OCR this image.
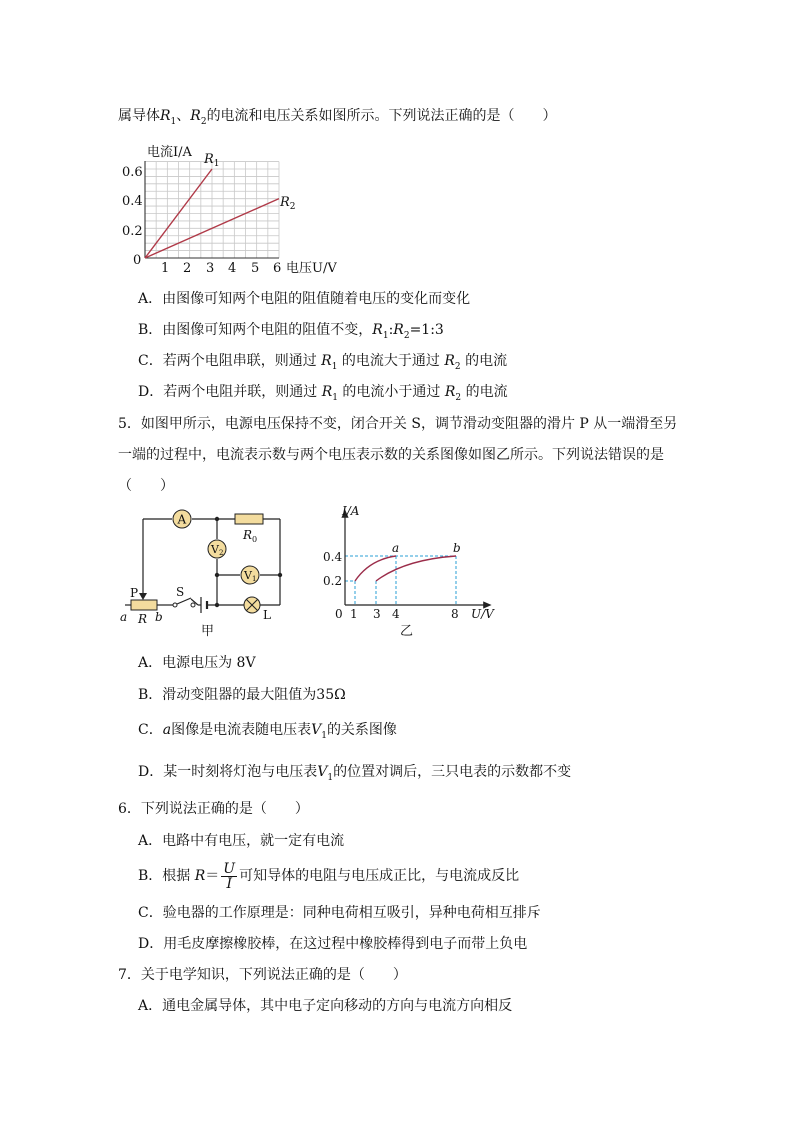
属导体$R_1$、$R_2$的电流和电压关系如图所示。下列说法正确的是（　　）
电流I/A
0.6
0.4
0.2
0
1 2 3 4 5 6 电压U/V
$R_1$
$R_2$
A．由图像可知两个电阻的阻值随着电压的变化而变化
B．由图像可知两个电阻的阻值不变，$R_1:R_2=1:3$
C．若两个电阻串联，则通过 $R_1$ 的电流大于通过 $R_2$ 的电流
D．若两个电阻并联，则通过 $R_1$ 的电流小于通过 $R_2$ 的电流
5．如图甲所示，电源电压保持不变，闭合开关 S，调节滑动变阻器的滑片 P 从一端滑至另
一端的过程中，电流表示数与两个电压表示数的关系图像如图乙所示。下列说法错误的是
（　　）
A
V2
V1
$R_0$
P	S
a R b	L
甲
I/A
0.4
0.2
0 1 3 4	8 U/V
a	b
乙
A．电源电压为 8V
B．滑动变阻器的最大阻值为35Ω
C．a图像是电流表随电压表$V_1$的关系图像
D．某一时刻将灯泡与电压表$V_1$的位置对调后，三只电表的示数都不变
6．下列说法正确的是（　　）
A．电路中有电压，就一定有电流
B．根据 $R= \frac{U}{I}$ 可知导体的电阻与电压成正比，与电流成反比
C．验电器的工作原理是：同种电荷相互吸引，异种电荷相互排斥
D．用毛皮摩擦橡胶棒，在这过程中橡胶棒得到电子而带上负电
7．关于电学知识，下列说法正确的是（　　）
A．通电金属导体，其中电子定向移动的方向与电流方向相反
